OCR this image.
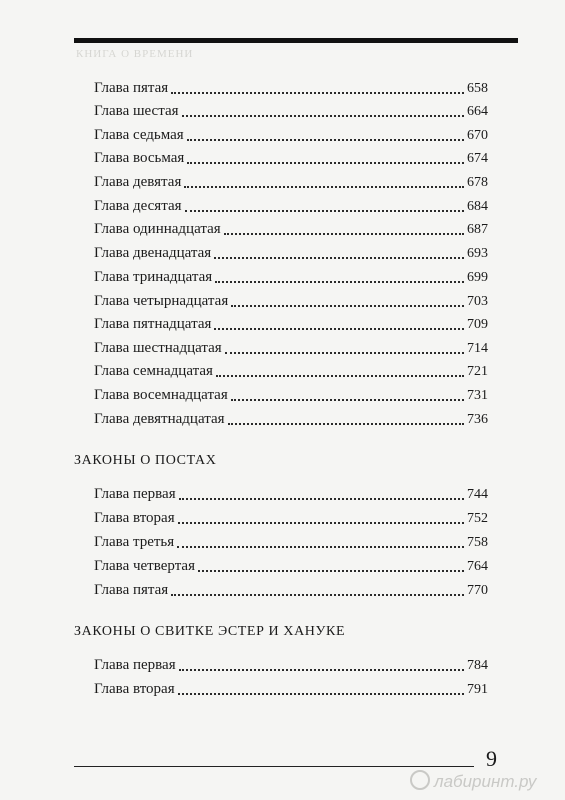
КНИГА О ВРЕМЕНИ
Глава пятая	658
Глава шестая	664
Глава седьмая	670
Глава восьмая	674
Глава девятая	678
Глава десятая	684
Глава одиннадцатая	687
Глава двенадцатая	693
Глава тринадцатая	699
Глава четырнадцатая	703
Глава пятнадцатая	709
Глава шестнадцатая	714
Глава семнадцатая	721
Глава восемнадцатая	731
Глава девятнадцатая	736
ЗАКОНЫ О ПОСТАХ
Глава первая	744
Глава вторая	752
Глава третья	758
Глава четвертая	764
Глава пятая	770
ЗАКОНЫ О СВИТКЕ ЭСТЕР И ХАНУКЕ
Глава первая	784
Глава вторая	791
9
лабиринт.ру
